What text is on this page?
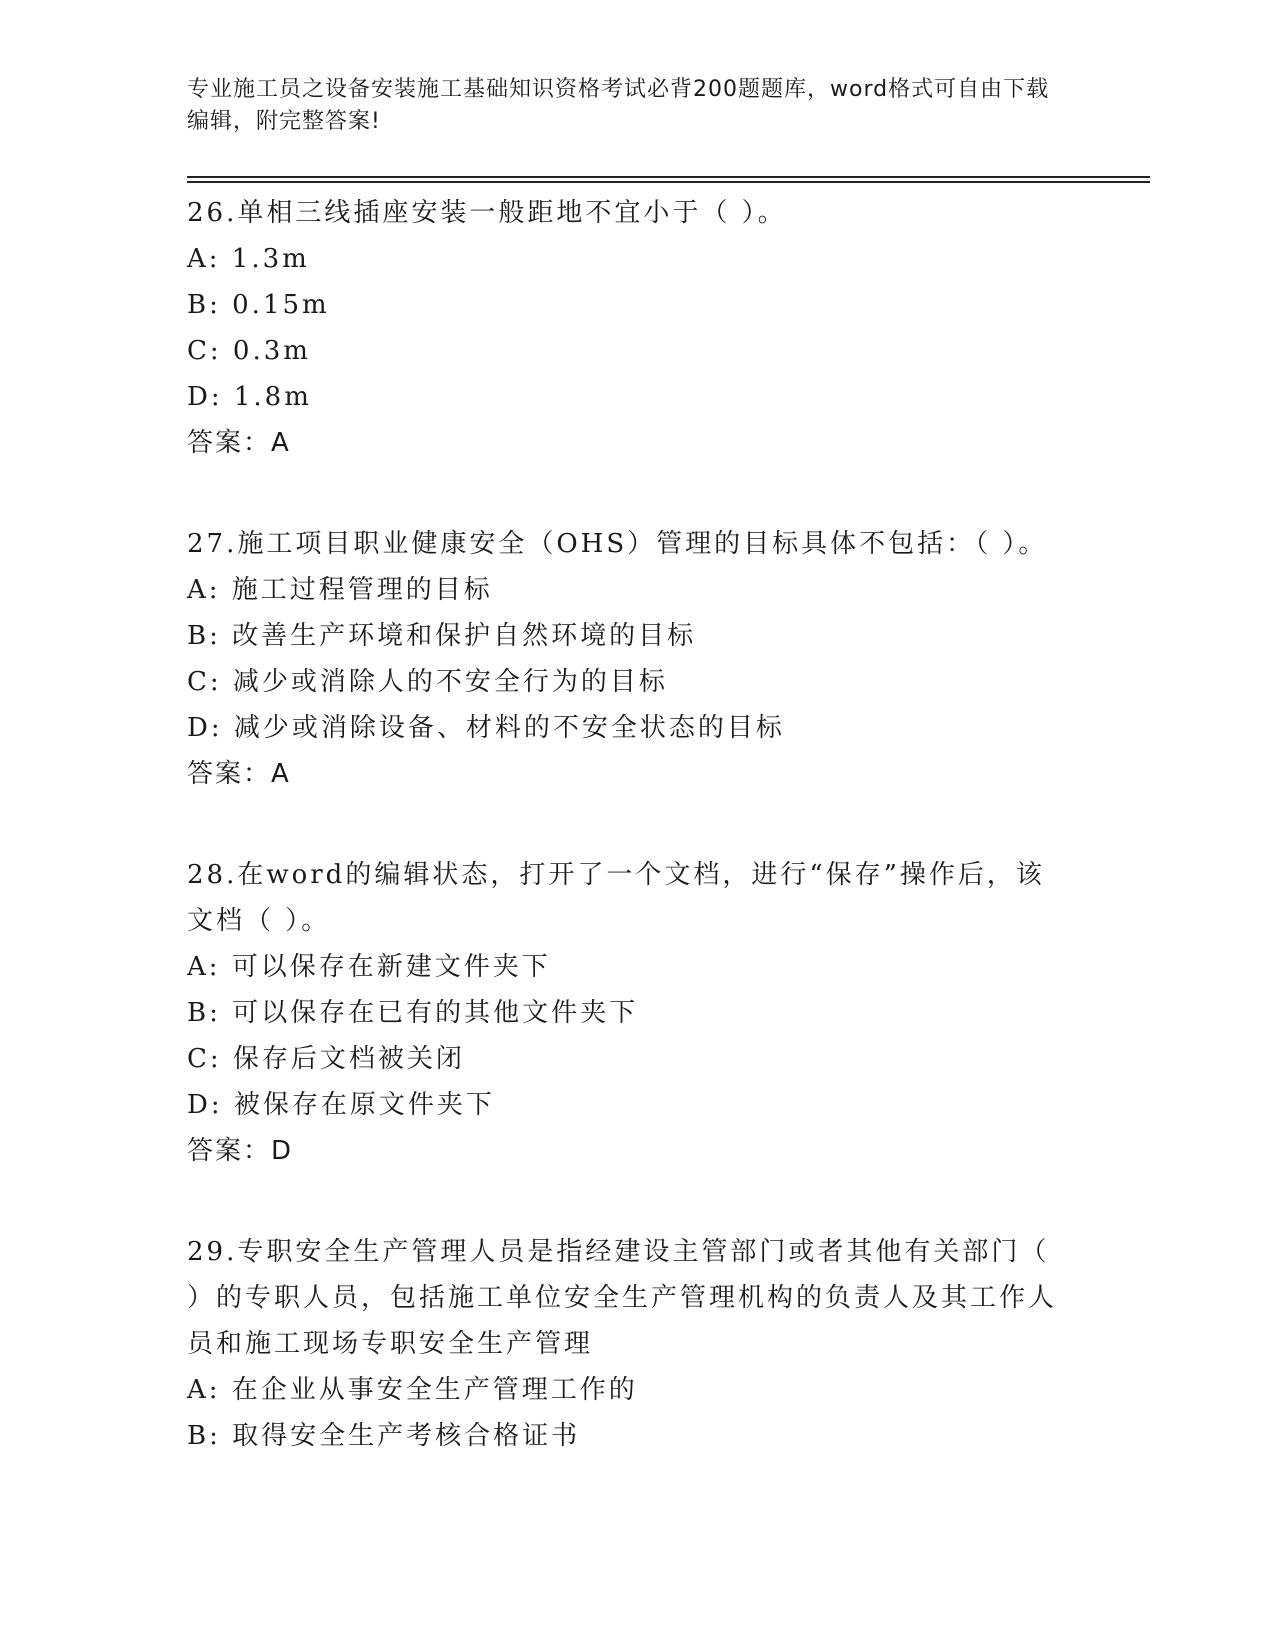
专业施工员之设备安装施工基础知识资格考试必背200题题库，word格式可自由下载编辑，附完整答案!
26.单相三线插座安装一般距地不宜小于（ ）。
A: 1.3m
B: 0.15m
C: 0.3m
D: 1.8m
答案：A
27.施工项目职业健康安全（OHS）管理的目标具体不包括：（ ）。
A: 施工过程管理的目标
B: 改善生产环境和保护自然环境的目标
C: 减少或消除人的不安全行为的目标
D: 减少或消除设备、材料的不安全状态的目标
答案：A
28.在word的编辑状态，打开了一个文档，进行“保存”操作后，该文档（ ）。
A: 可以保存在新建文件夹下
B: 可以保存在已有的其他文件夹下
C: 保存后文档被关闭
D: 被保存在原文件夹下
答案：D
29.专职安全生产管理人员是指经建设主管部门或者其他有关部门（ ）的专职人员，包括施工单位安全生产管理机构的负责人及其工作人员和施工现场专职安全生产管理
A: 在企业从事安全生产管理工作的
B: 取得安全生产考核合格证书
